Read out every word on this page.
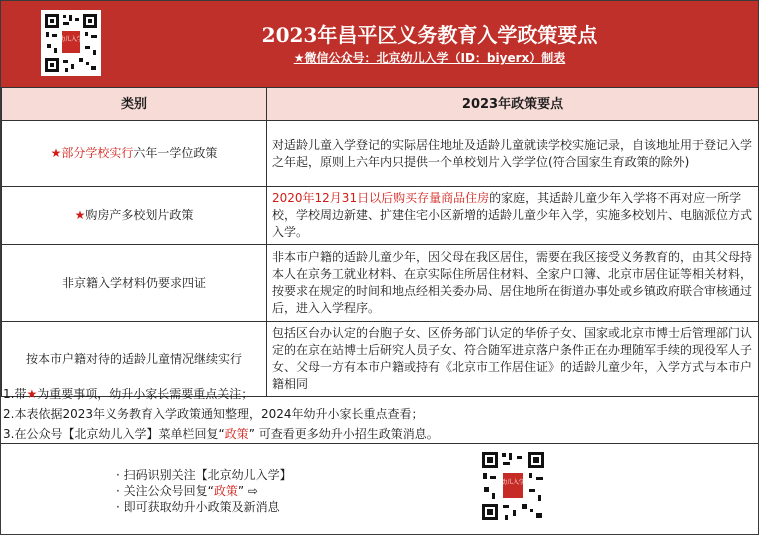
幼儿入学	2023年昌平区义务教育入学政策要点
★微信公众号：北京幼儿入学（ID：biyerx）制表
类别	2023年政策要点
★部分学校实行六年一学位政策	对适龄儿童入学登记的实际居住地址及适龄儿童就读学校实施记录，自该地址用于登记入学之年起，原则上六年内只提供一个单校划片入学学位(符合国家生育政策的除外)
★购房产多校划片政策	2020年12月31日以后购买存量商品住房的家庭，其适龄儿童少年入学将不再对应一所学校，学校周边新建、扩建住宅小区新增的适龄儿童少年入学，实施多校划片、电脑派位方式入学。
非京籍入学材料仍要求四证	非本市户籍的适龄儿童少年，因父母在我区居住，需要在我区接受义务教育的，由其父母持本人在京务工就业材料、在京实际住所居住材料、全家户口簿、北京市居住证等相关材料，按要求在规定的时间和地点经相关委办局、居住地所在街道办事处或乡镇政府联合审核通过后，进入入学程序。
按本市户籍对待的适龄儿童情况继续实行	包括区台办认定的台胞子女、区侨务部门认定的华侨子女、国家或北京市博士后管理部门认定的在京在站博士后研究人员子女、符合随军进京落户条件正在办理随军手续的现役军人子女、父母一方有本市户籍或持有《北京市工作居住证》的适龄儿童少年，入学方式与本市户籍相同
1.带★为重要事项，幼升小家长需要重点关注；
2.本表依据2023年义务教育入学政策通知整理，2024年幼升小家长重点查看；
3.在公众号【北京幼儿入学】菜单栏回复“政策” 可查看更多幼升小招生政策消息。
· 扫码识别关注【北京幼儿入学】
· 关注公众号回复“政策” ⇨
· 即可获取幼升小政策及新消息
幼儿入学
